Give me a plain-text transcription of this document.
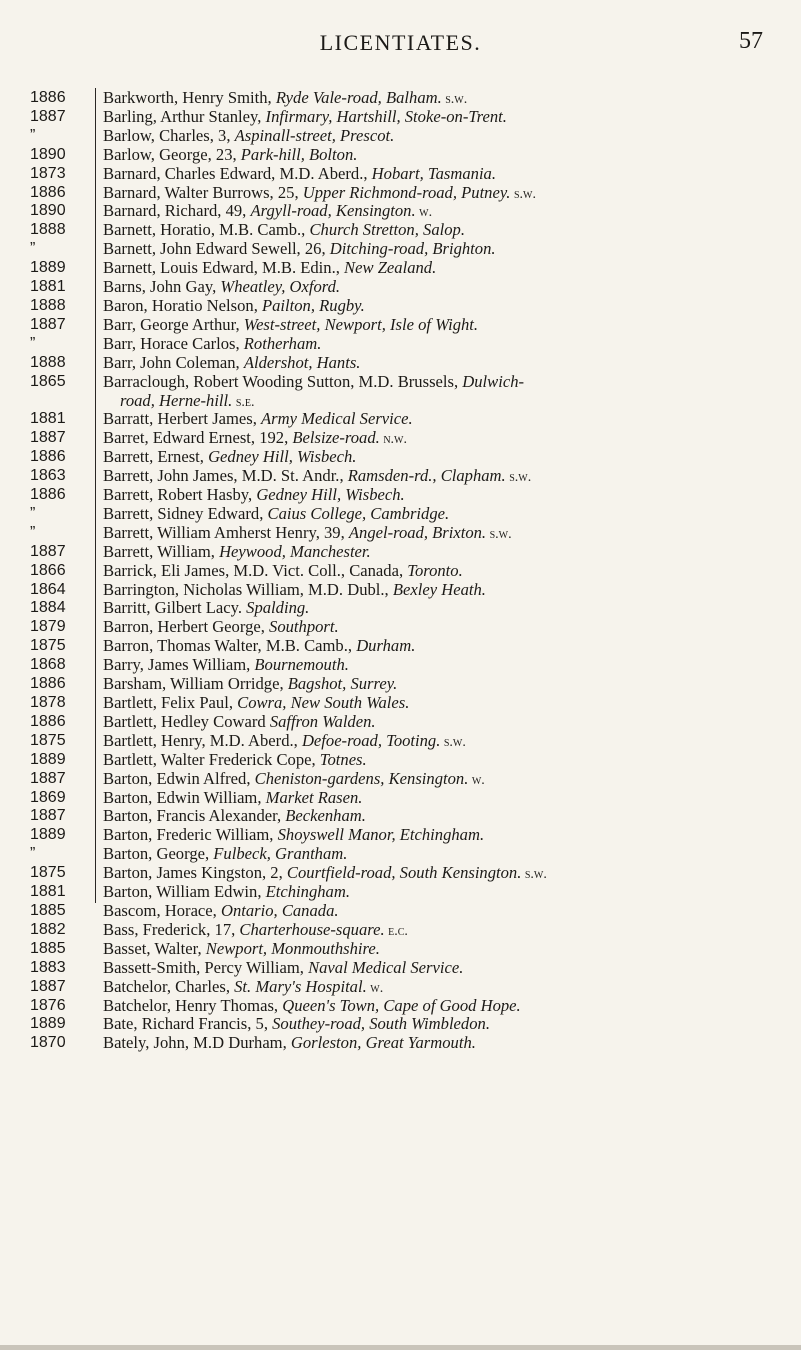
LICENTIATES.	57
1886	Barkworth, Henry Smith, Ryde Vale-road, Balham. s.w.
1887	Barling, Arthur Stanley, Infirmary, Hartshill, Stoke-on-Trent.
”	Barlow, Charles, 3, Aspinall-street, Prescot.
1890	Barlow, George, 23, Park-hill, Bolton.
1873	Barnard, Charles Edward, M.D. Aberd., Hobart, Tasmania.
1886	Barnard, Walter Burrows, 25, Upper Richmond-road, Putney. s.w.
1890	Barnard, Richard, 49, Argyll-road, Kensington. w.
1888	Barnett, Horatio, M.B. Camb., Church Stretton, Salop.
”	Barnett, John Edward Sewell, 26, Ditching-road, Brighton.
1889	Barnett, Louis Edward, M.B. Edin., New Zealand.
1881	Barns, John Gay, Wheatley, Oxford.
1888	Baron, Horatio Nelson, Pailton, Rugby.
1887	Barr, George Arthur, West-street, Newport, Isle of Wight.
”	Barr, Horace Carlos, Rotherham.
1888	Barr, John Coleman, Aldershot, Hants.
1865	Barraclough, Robert Wooding Sutton, M.D. Brussels, Dulwich-
road, Herne-hill. s.e.
1881	Barratt, Herbert James, Army Medical Service.
1887	Barret, Edward Ernest, 192, Belsize-road. n.w.
1886	Barrett, Ernest, Gedney Hill, Wisbech.
1863	Barrett, John James, M.D. St. Andr., Ramsden-rd., Clapham. s.w.
1886	Barrett, Robert Hasby, Gedney Hill, Wisbech.
”	Barrett, Sidney Edward, Caius College, Cambridge.
”	Barrett, William Amherst Henry, 39, Angel-road, Brixton. s.w.
1887	Barrett, William, Heywood, Manchester.
1866	Barrick, Eli James, M.D. Vict. Coll., Canada, Toronto.
1864	Barrington, Nicholas William, M.D. Dubl., Bexley Heath.
1884	Barritt, Gilbert Lacy. Spalding.
1879	Barron, Herbert George, Southport.
1875	Barron, Thomas Walter, M.B. Camb., Durham.
1868	Barry, James William, Bournemouth.
1886	Barsham, William Orridge, Bagshot, Surrey.
1878	Bartlett, Felix Paul, Cowra, New South Wales.
1886	Bartlett, Hedley Coward Saffron Walden.
1875	Bartlett, Henry, M.D. Aberd., Defoe-road, Tooting. s.w.
1889	Bartlett, Walter Frederick Cope, Totnes.
1887	Barton, Edwin Alfred, Cheniston-gardens, Kensington. w.
1869	Barton, Edwin William, Market Rasen.
1887	Barton, Francis Alexander, Beckenham.
1889	Barton, Frederic William, Shoyswell Manor, Etchingham.
”	Barton, George, Fulbeck, Grantham.
1875	Barton, James Kingston, 2, Courtfield-road, South Kensington. s.w.
1881	Barton, William Edwin, Etchingham.
1885	Bascom, Horace, Ontario, Canada.
1882	Bass, Frederick, 17, Charterhouse-square. e.c.
1885	Basset, Walter, Newport, Monmouthshire.
1883	Bassett-Smith, Percy William, Naval Medical Service.
1887	Batchelor, Charles, St. Mary's Hospital. w.
1876	Batchelor, Henry Thomas, Queen's Town, Cape of Good Hope.
1889	Bate, Richard Francis, 5, Southey-road, South Wimbledon.
1870	Bately, John, M.D Durham, Gorleston, Great Yarmouth.
